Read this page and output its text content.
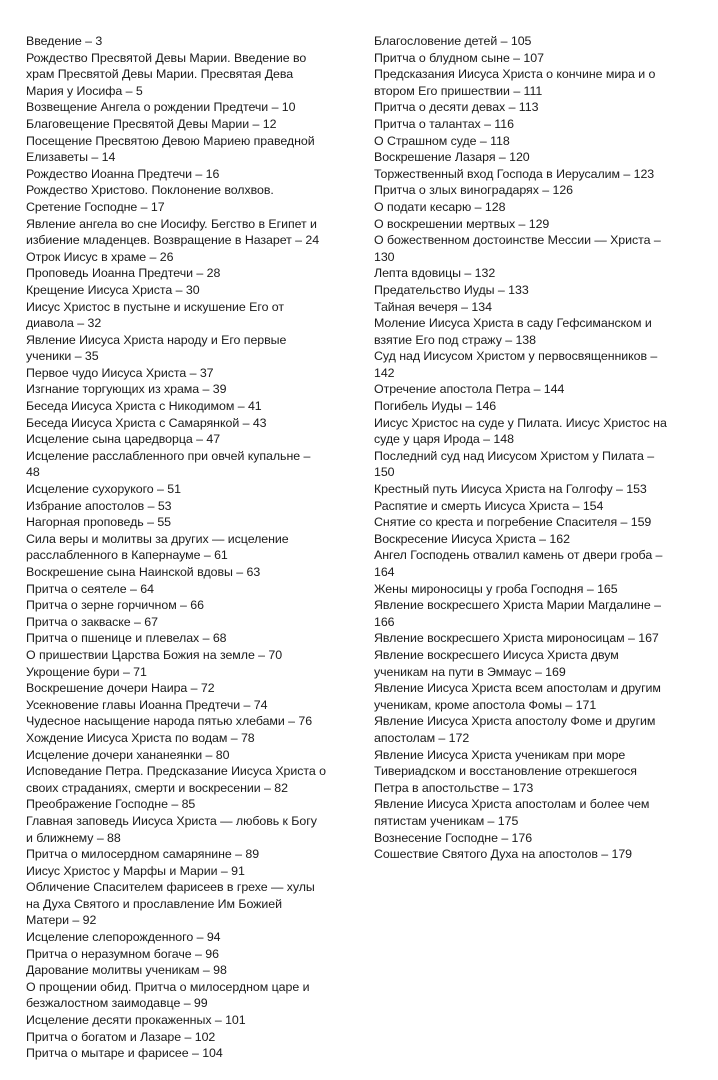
Введение – 3
Рождество Пресвятой Девы Марии. Введение во
храм Пресвятой Девы Марии. Пресвятая Дева
Мария у Иосифа – 5
Возвещение Ангела о рождении Предтечи – 10
Благовещение Пресвятой Девы Марии – 12
Посещение Пресвятою Девою Мариею праведной
Елизаветы – 14
Рождество Иоанна Предтечи – 16
Рождество Христово. Поклонение волхвов.
Сретение Господне – 17
Явление ангела во сне Иосифу. Бегство в Египет и
избиение младенцев. Возвращение в Назарет – 24
Отрок Иисус в храме – 26
Проповедь Иоанна Предтечи – 28
Крещение Иисуса Христа – 30
Иисус Христос в пустыне и искушение Его от
диавола – 32
Явление Иисуса Христа народу и Его первые
ученики – 35
Первое чудо Иисуса Христа – 37
Изгнание торгующих из храма – 39
Беседа Иисуса Христа с Никодимом – 41
Беседа Иисуса Христа с Самарянкой – 43
Исцеление сына царедворца – 47
Исцеление расслабленного при овчей купальне –
48
Исцеление сухорукого – 51
Избрание апостолов – 53
Нагорная проповедь – 55
Сила веры и молитвы за других — исцеление
расслабленного в Капернауме – 61
Воскрешение сына Наинской вдовы – 63
Притча о сеятеле – 64
Притча о зерне горчичном – 66
Притча о закваске – 67
Притча о пшенице и плевелах – 68
О пришествии Царства Божия на земле – 70
Укрощение бури – 71
Воскрешение дочери Наира – 72
Усекновение главы Иоанна Предтечи – 74
Чудесное насыщение народа пятью хлебами – 76
Хождение Иисуса Христа по водам – 78
Исцеление дочери хананеянки – 80
Исповедание Петра. Предсказание Иисуса Христа о
своих страданиях, смерти и воскресении – 82
Преображение Господне – 85
Главная заповедь Иисуса Христа — любовь к Богу
и ближнему – 88
Притча о милосердном самарянине – 89
Иисус Христос у Марфы и Марии – 91
Обличение Спасителем фарисеев в грехе — хулы
на Духа Святого и прославление Им Божией
Матери – 92
Исцеление слепорожденного – 94
Притча о неразумном богаче – 96
Дарование молитвы ученикам – 98
О прощении обид. Притча о милосердном царе и
безжалостном заимодавце – 99
Исцеление десяти прокаженных – 101
Притча о богатом и Лазаре – 102
Притча о мытаре и фарисее – 104
Благословение детей – 105
Притча о блудном сыне – 107
Предсказания Иисуса Христа о кончине мира и о
втором Его пришествии – 111
Притча о десяти девах – 113
Притча о талантах – 116
О Страшном суде – 118
Воскрешение Лазаря – 120
Торжественный вход Господа в Иерусалим – 123
Притча о злых виноградарях – 126
О подати кесарю – 128
О воскрешении мертвых – 129
О божественном достоинстве Мессии — Христа –
130
Лепта вдовицы – 132
Предательство Иуды – 133
Тайная вечеря – 134
Моление Иисуса Христа в саду Гефсиманском и
взятие Его под стражу – 138
Суд над Иисусом Христом у первосвященников –
142
Отречение апостола Петра – 144
Погибель Иуды – 146
Иисус Христос на суде у Пилата. Иисус Христос на
суде у царя Ирода – 148
Последний суд над Иисусом Христом у Пилата –
150
Крестный путь Иисуса Христа на Голгофу – 153
Распятие и смерть Иисуса Христа – 154
Снятие со креста и погребение Спасителя – 159
Воскресение Иисуса Христа – 162
Ангел Господень отвалил камень от двери гроба –
164
Жены мироносицы у гроба Господня – 165
Явление воскресшего Христа Марии Магдалине –
166
Явление воскресшего Христа мироносицам – 167
Явление воскресшего Иисуса Христа двум
ученикам на пути в Эммаус – 169
Явление Иисуса Христа всем апостолам и другим
ученикам, кроме апостола Фомы – 171
Явление Иисуса Христа апостолу Фоме и другим
апостолам – 172
Явление Иисуса Христа ученикам при море
Тивериадском и восстановление отрекшегося
Петра в апостольстве – 173
Явление Иисуса Христа апостолам и более чем
пятистам ученикам – 175
Вознесение Господне – 176
Сошествие Святого Духа на апостолов – 179
